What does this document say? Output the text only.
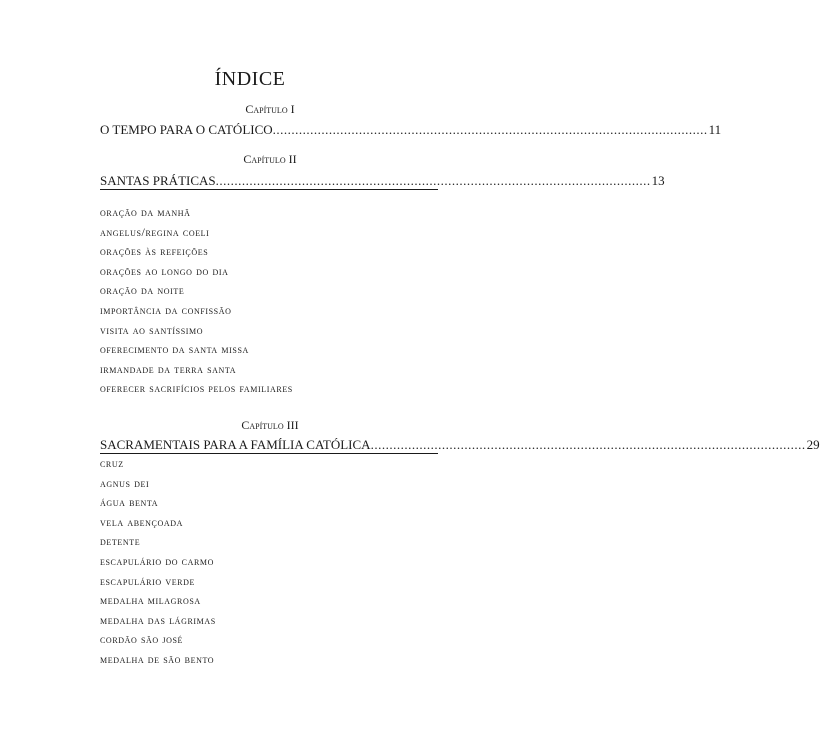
ÍNDICE
Capítulo I
O TEMPO PARA O CATÓLICO .................................................................................................................... 11
Capítulo II
SANTAS PRÁTICAS .................................................................................................................... 13
oração da manhã
angelus/regina coeli
orações às refeições
orações ao longo do dia
oração da noite
importância da confissão
visita ao santíssimo
oferecimento da santa missa
irmandade da terra santa
oferecer sacrifícios pelos familiares
Capítulo III
SACRAMENTAIS PARA A FAMÍLIA CATÓLICA .................................................................................................................... 29
cruz
agnus dei
água benta
vela abençoada
detente
escapulário do carmo
escapulário verde
medalha milagrosa
medalha das lágrimas
cordão são josé
medalha de são bento
